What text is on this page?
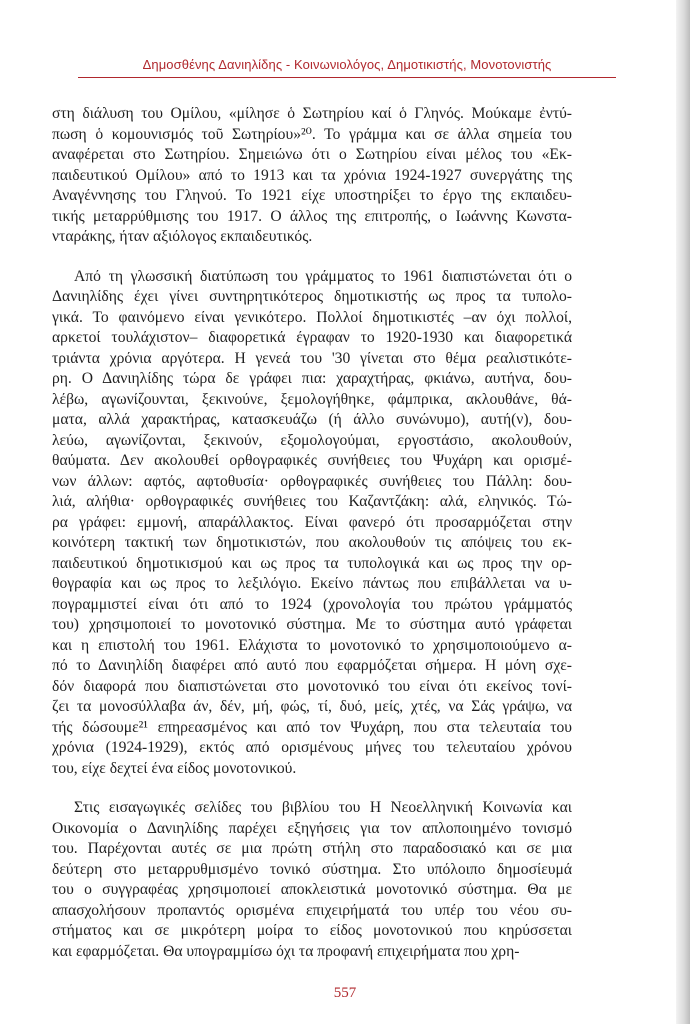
Δημοσθένης Δανιηλίδης - Κοινωνιολόγος, Δημοτικιστής, Μονοτονιστής
στη διάλυση του Ομίλου, «μίλησε ὁ Σωτηρίου καί ὁ Γληνός. Μούκαμε ἐντύ-
πωση ὁ κομουνισμός τοῦ Σωτηρίου»²⁰. Το γράμμα και σε άλλα σημεία του
αναφέρεται στο Σωτηρίου. Σημειώνω ότι ο Σωτηρίου είναι μέλος του «Εκ-
παιδευτικού Ομίλου» από το 1913 και τα χρόνια 1924-1927 συνεργάτης της
Αναγέννησης του Γληνού. Το 1921 είχε υποστηρίξει το έργο της εκπαιδευ-
τικής μεταρρύθμισης του 1917. Ο άλλος της επιτροπής, ο Ιωάννης Κωνστα-
νταράκης, ήταν αξιόλογος εκπαιδευτικός.
Από τη γλωσσική διατύπωση του γράμματος το 1961 διαπιστώνεται ότι ο
Δανιηλίδης έχει γίνει συντηρητικότερος δημοτικιστής ως προς τα τυπολο-
γικά. Το φαινόμενο είναι γενικότερο. Πολλοί δημοτικιστές –αν όχι πολλοί,
αρκετοί τουλάχιστον– διαφορετικά έγραφαν το 1920-1930 και διαφορετικά
τριάντα χρόνια αργότερα. Η γενεά του '30 γίνεται στο θέμα ρεαλιστικότε-
ρη. Ο Δανιηλίδης τώρα δε γράφει πια: χαραχτήρας, φκιάνω, αυτήνα, δου-
λέβω, αγωνίζουνται, ξεκινούνε, ξεμολογήθηκε, φάμπρικα, ακλουθάνε, θά-
ματα, αλλά χαρακτήρας, κατασκευάζω (ή άλλο συνώνυμο), αυτή(ν), δου-
λεύω, αγωνίζονται, ξεκινούν, εξομολογούμαι, εργοστάσιο, ακολουθούν,
θαύματα. Δεν ακολουθεί ορθογραφικές συνήθειες του Ψυχάρη και ορισμέ-
νων άλλων: αφτός, αφτοθυσία· ορθογραφικές συνήθειες του Πάλλη: δου-
λιά, αλήθια· ορθογραφικές συνήθειες του Καζαντζάκη: αλά, εληνικός. Τώ-
ρα γράφει: εμμονή, απαράλλακτος. Είναι φανερό ότι προσαρμόζεται στην
κοινότερη τακτική των δημοτικιστών, που ακολουθούν τις απόψεις του εκ-
παιδευτικού δημοτικισμού και ως προς τα τυπολογικά και ως προς την ορ-
θογραφία και ως προς το λεξιλόγιο. Εκείνο πάντως που επιβάλλεται να υ-
πογραμμιστεί είναι ότι από το 1924 (χρονολογία του πρώτου γράμματός
του) χρησιμοποιεί το μονοτονικό σύστημα. Με το σύστημα αυτό γράφεται
και η επιστολή του 1961. Ελάχιστα το μονοτονικό το χρησιμοποιούμενο α-
πό το Δανιηλίδη διαφέρει από αυτό που εφαρμόζεται σήμερα. Η μόνη σχε-
δόν διαφορά που διαπιστώνεται στο μονοτονικό του είναι ότι εκείνος τονί-
ζει τα μονοσύλλαβα άν, δέν, μή, φώς, τί, δυό, μείς, χτές, να Σάς γράψω, να
τής δώσουμε²¹ επηρεασμένος και από τον Ψυχάρη, που στα τελευταία του
χρόνια (1924-1929), εκτός από ορισμένους μήνες του τελευταίου χρόνου
του, είχε δεχτεί ένα είδος μονοτονικού.
Στις εισαγωγικές σελίδες του βιβλίου του Η Νεοελληνική Κοινωνία και
Οικονομία ο Δανιηλίδης παρέχει εξηγήσεις για τον απλοποιημένο τονισμό
του. Παρέχονται αυτές σε μια πρώτη στήλη στο παραδοσιακό και σε μια
δεύτερη στο μεταρρυθμισμένο τονικό σύστημα. Στο υπόλοιπο δημοσίευμά
του ο συγγραφέας χρησιμοποιεί αποκλειστικά μονοτονικό σύστημα. Θα με
απασχολήσουν προπαντός ορισμένα επιχειρήματά του υπέρ του νέου συ-
στήματος και σε μικρότερη μοίρα το είδος μονοτονικού που κηρύσσεται
και εφαρμόζεται. Θα υπογραμμίσω όχι τα προφανή επιχειρήματα που χρη-
557
